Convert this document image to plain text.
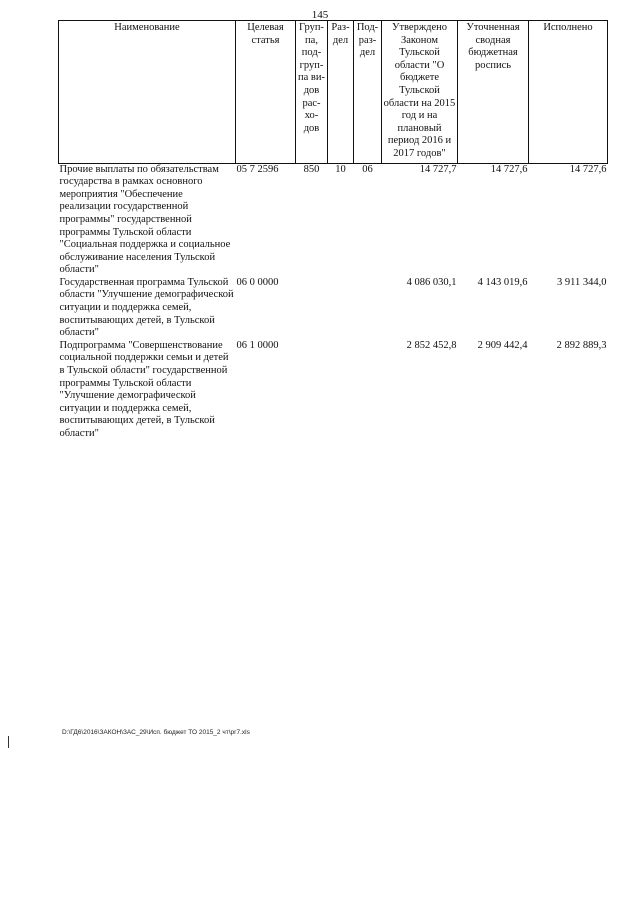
145
Наименование	Целевая статья	Груп-па, под-груп-па ви-дов рас-хо-дов	Раз-дел	Под-раз-дел	Утверждено Законом Тульской области "О бюджете Тульской области на 2015 год и на плановый период 2016 и 2017 годов"	Уточненная сводная бюджетная роспись	Исполнено
Прочие выплаты по обязательствам государства в рамках основного мероприятия "Обеспечение реализации государственной программы" государственной программы Тульской области "Социальная поддержка и социальное обслуживание населения Тульской области"	05 7 2596	850	10	06	14 727,7	14 727,6	14 727,6
Государственная программа Тульской области "Улучшение демографической ситуации и поддержка семей, воспитывающих детей, в Тульской области"	06 0 0000				4 086 030,1	4 143 019,6	3 911 344,0
Подпрограмма "Совершенствование социальной поддержки семьи и детей в Тульской области" государственной программы Тульской области "Улучшение демографической ситуации и поддержка семей, воспитывающих детей, в Тульской области"	06 1 0000				2 852 452,8	2 909 442,4	2 892 889,3
D:\ГД6\2016\ЗАКОН\ЗАС_29\Исп. бюджет ТО 2015_2 чт\рг7.xls
